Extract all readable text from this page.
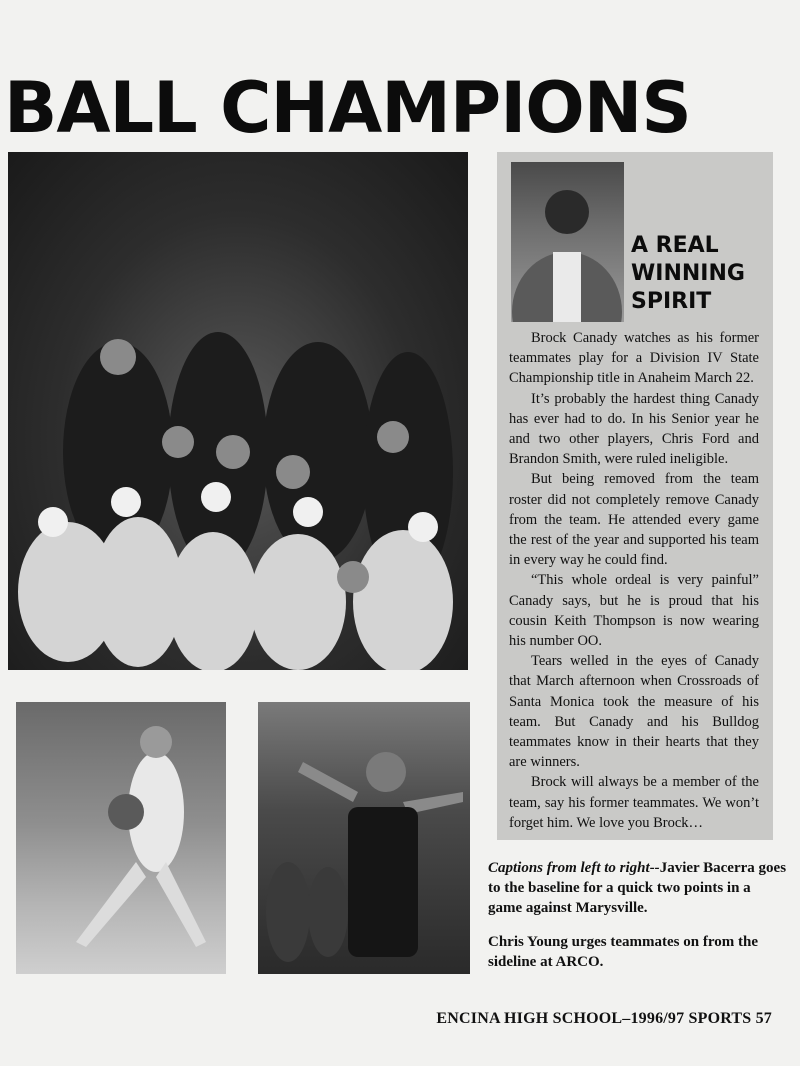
BALL CHAMPIONS
A REAL WINNING SPIRIT

Brock Canady watches as his former teammates play for a Division IV State Championship title in Anaheim March 22.

It’s probably the hardest thing Canady has ever had to do. In his Senior year he and two other players, Chris Ford and Brandon Smith, were ruled ineligible.

But being removed from the team roster did not completely remove Canady from the team. He attended every game the rest of the year and supported his team in every way he could find.

“This whole ordeal is very painful” Canady says, but he is proud that his cousin Keith Thompson is now wearing his number OO.

Tears welled in the eyes of Canady that March afternoon when Crossroads of Santa Monica took the measure of his team. But Canady and his Bulldog teammates know in their hearts that they are winners.

Brock will always be a member of the team, say his former teammates. We won’t forget him. We love you Brock…

Captions from left to right--Javier Bacerra goes to the baseline for a quick two points in a game against Marysville.

Chris Young urges teammates on from the sideline at ARCO.

ENCINA HIGH SCHOOL–1996/97 SPORTS 57
